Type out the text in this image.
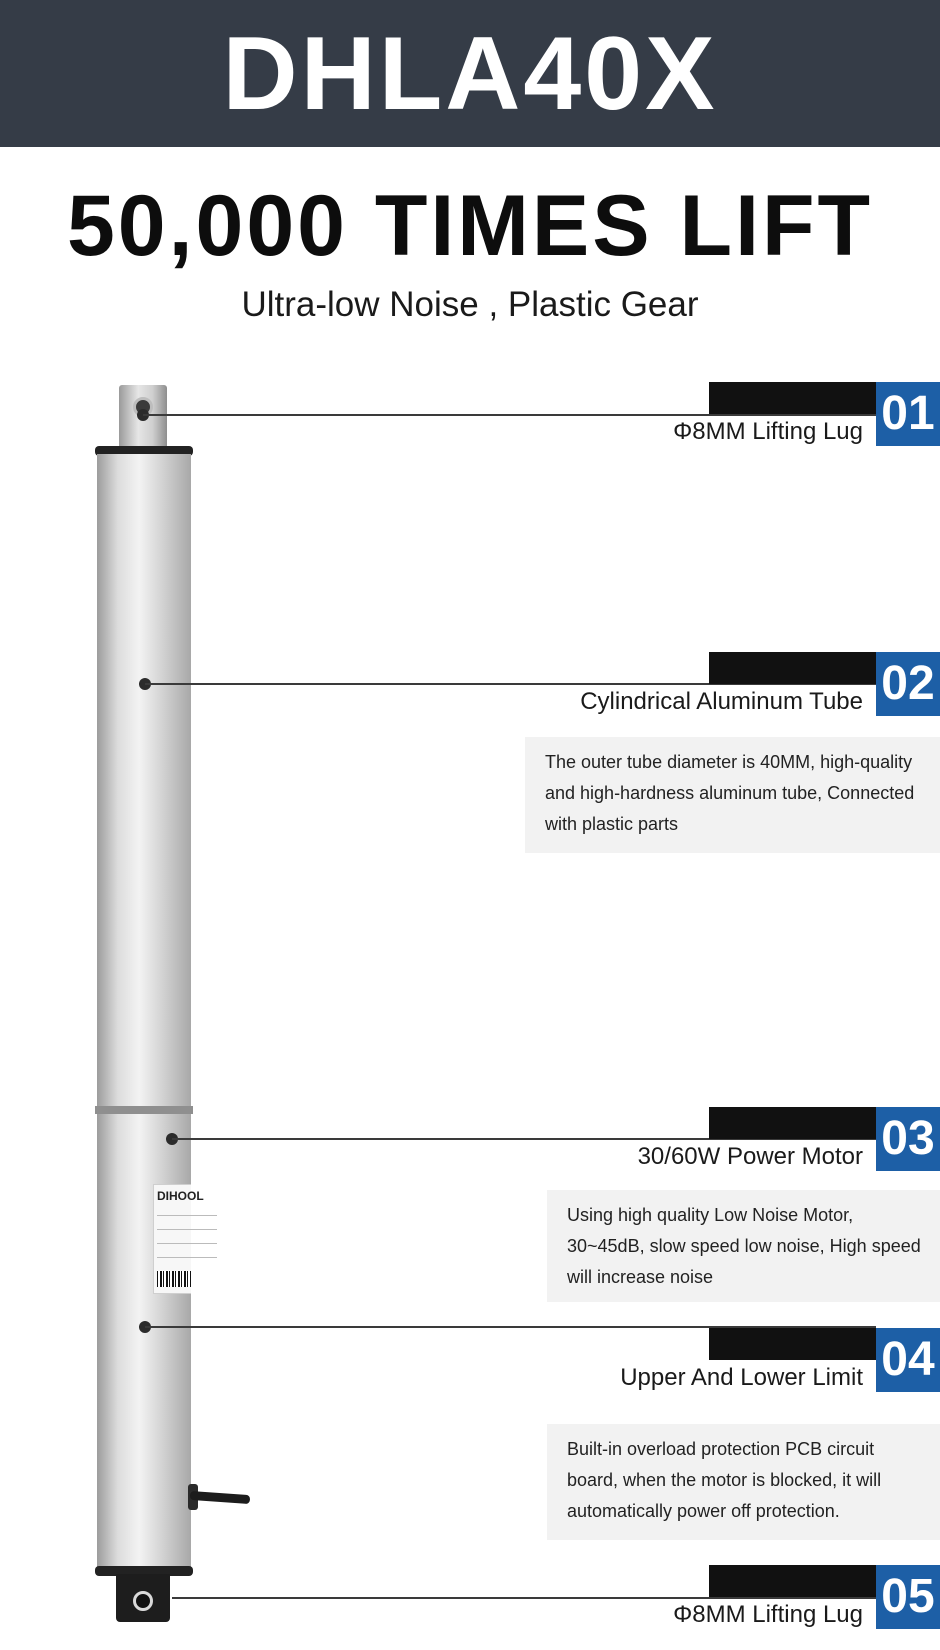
DHLA40X
50,000 TIMES LIFT
Ultra-low Noise , Plastic Gear
DIHOOL
01
Φ8MM Lifting Lug
02
Cylindrical Aluminum Tube
The outer tube diameter is 40MM, high-quality and high-hardness aluminum tube, Connected with plastic parts
03
30/60W Power Motor
Using high quality Low Noise Motor, 30~45dB, slow speed low noise, High speed will increase noise
04
Upper And Lower Limit
Built-in overload protection PCB circuit board, when the motor is blocked, it will automatically power off protection.
05
Φ8MM Lifting Lug
